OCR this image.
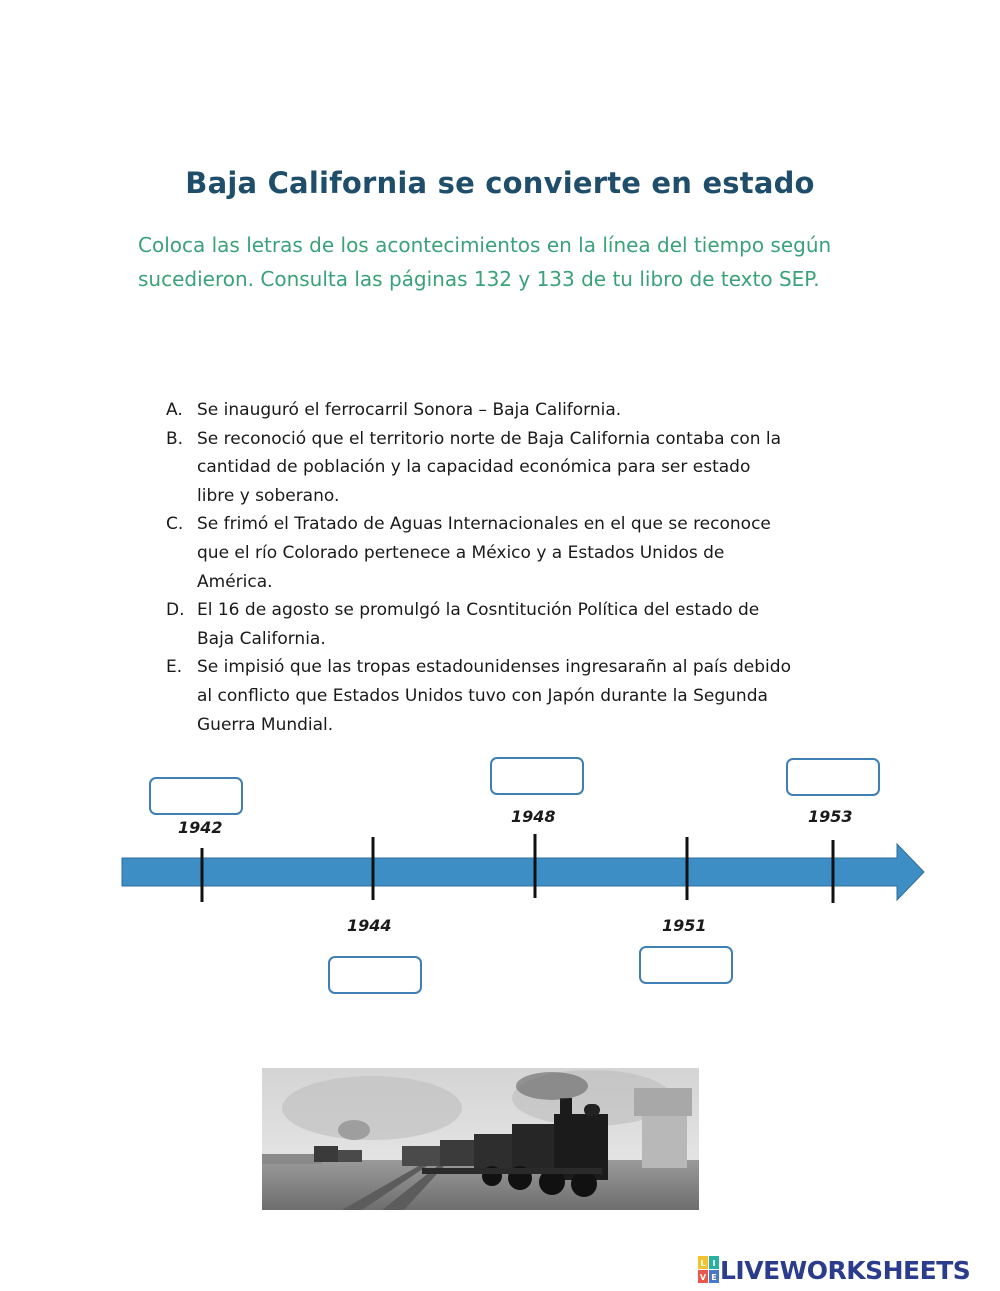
Baja California se convierte en estado
Coloca las letras de los acontecimientos en la línea del tiempo según sucedieron. Consulta las páginas 132 y 133 de tu libro de texto SEP.
A. Se inauguró el ferrocarril Sonora – Baja California.
B. Se reconoció que el territorio norte de Baja California contaba con la
cantidad de población y la capacidad económica para ser estado
libre y soberano.
C. Se frimó el Tratado de Aguas Internacionales en el que se reconoce
que el río Colorado pertenece a México y a Estados Unidos de
América.
D. El 16 de agosto se promulgó la Cosntitución Política del estado de
Baja California.
E. Se impisió que las tropas estadounidenses ingresarañn al país debido
al conflicto que Estados Unidos tuvo con Japón durante la Segunda
Guerra Mundial.
1942
1944
1948
1951
1953
L I
V E LIVEWORKSHEETS
